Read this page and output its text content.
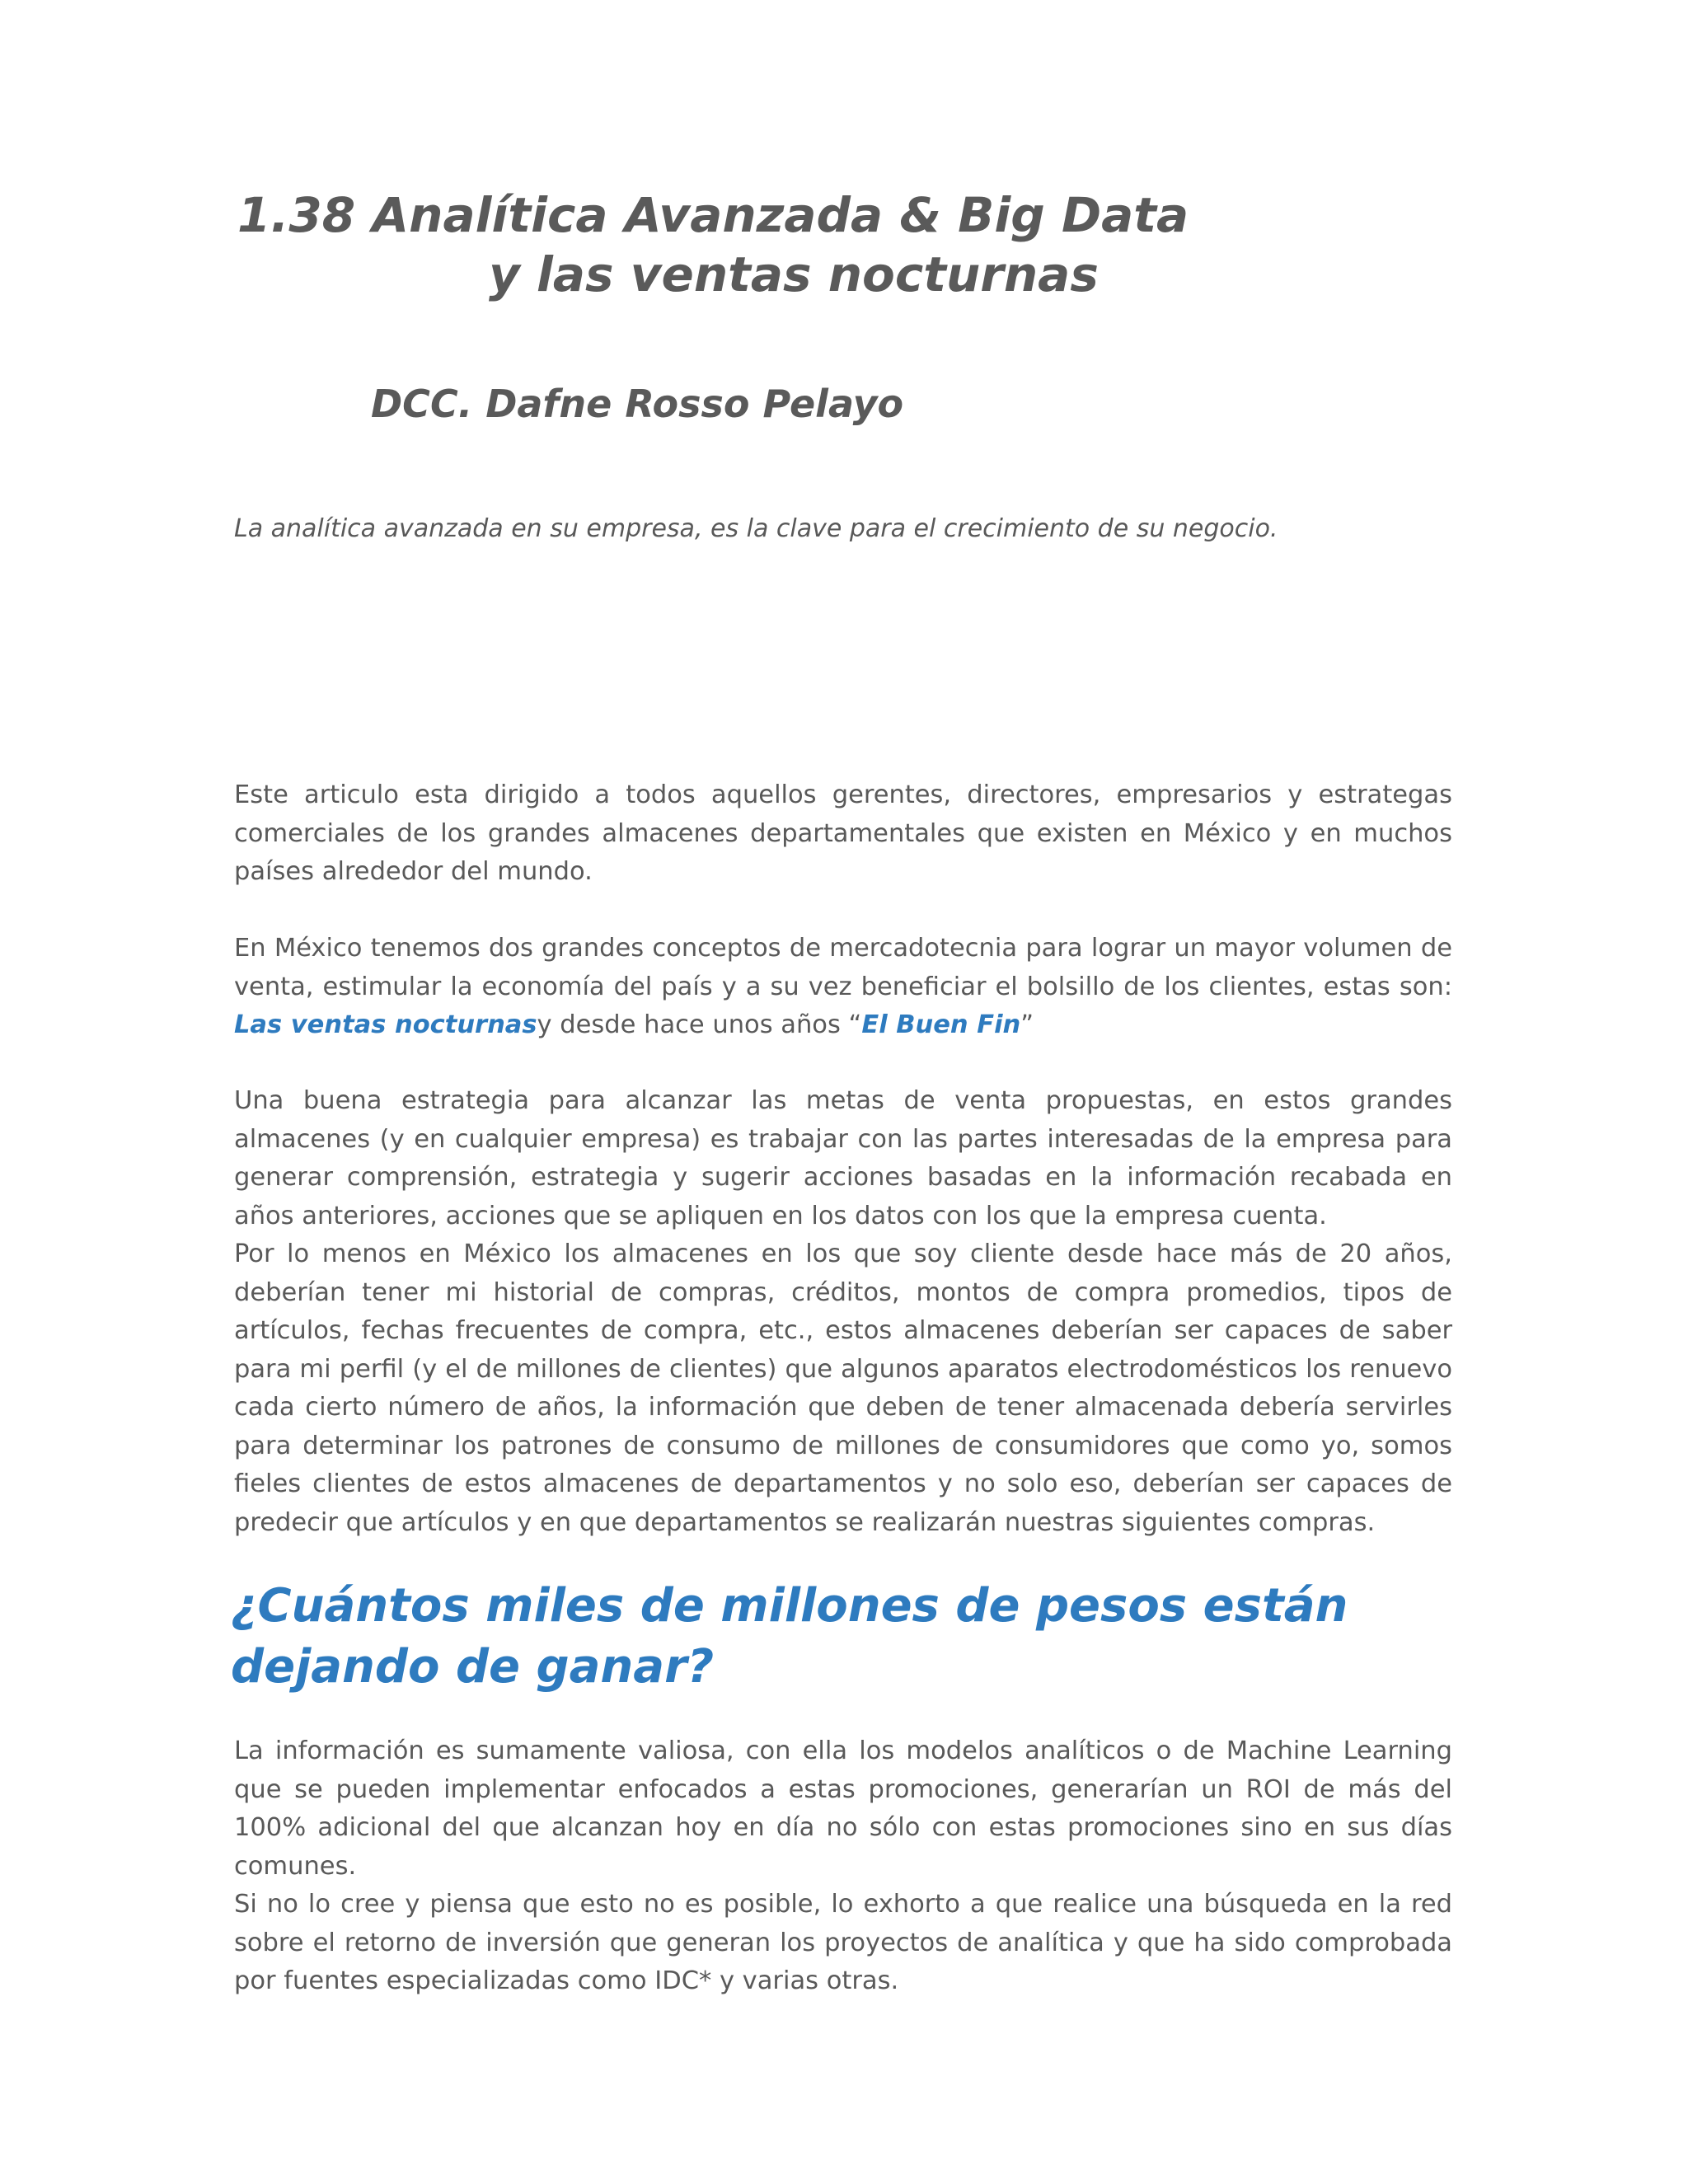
1.38 Analítica Avanzada & Big Data
y las ventas nocturnas

DCC. Dafne Rosso Pelayo

La analítica avanzada en su empresa, es la clave para el crecimiento de su negocio.

Este articulo esta dirigido a todos aquellos gerentes, directores, empresarios y estrategas comerciales de los grandes almacenes departamentales que existen en México y en muchos países alrededor del mundo.

En México tenemos dos grandes conceptos de mercadotecnia para lograr un mayor volumen de venta, estimular la economía del país y a su vez beneficiar el bolsillo de los clientes, estas son: Las ventas nocturnasy desde hace unos años “El Buen Fin”

Una buena estrategia para alcanzar las metas de venta propuestas, en estos grandes almacenes (y en cualquier empresa) es trabajar con las partes interesadas de la empresa para generar comprensión, estrategia y sugerir acciones basadas en la información recabada en años anteriores, acciones que se apliquen en los datos con los que la empresa cuenta.

Por lo menos en México los almacenes en los que soy cliente desde hace más de 20 años, deberían tener mi historial de compras, créditos, montos de compra promedios, tipos de artículos, fechas frecuentes de compra, etc., estos almacenes deberían ser capaces de saber para mi perfil (y el de millones de clientes) que algunos aparatos electrodomésticos los renuevo cada cierto número de años, la información que deben de tener almacenada debería servirles para determinar los patrones de consumo de millones de consumidores que como yo, somos fieles clientes de estos almacenes de departamentos y no solo eso, deberían ser capaces de predecir que artículos y en que departamentos se realizarán nuestras siguientes compras.

¿Cuántos miles de millones de pesos están dejando de ganar?

La información es sumamente valiosa, con ella los modelos analíticos o de Machine Learning que se pueden implementar enfocados a estas promociones, generarían un ROI de más del 100% adicional del que alcanzan hoy en día no sólo con estas promociones sino en sus días comunes.

Si no lo cree y piensa que esto no es posible, lo exhorto a que realice una búsqueda en la red sobre el retorno de inversión que generan los proyectos de analítica y que ha sido comprobada por fuentes especializadas como IDC* y varias otras.
